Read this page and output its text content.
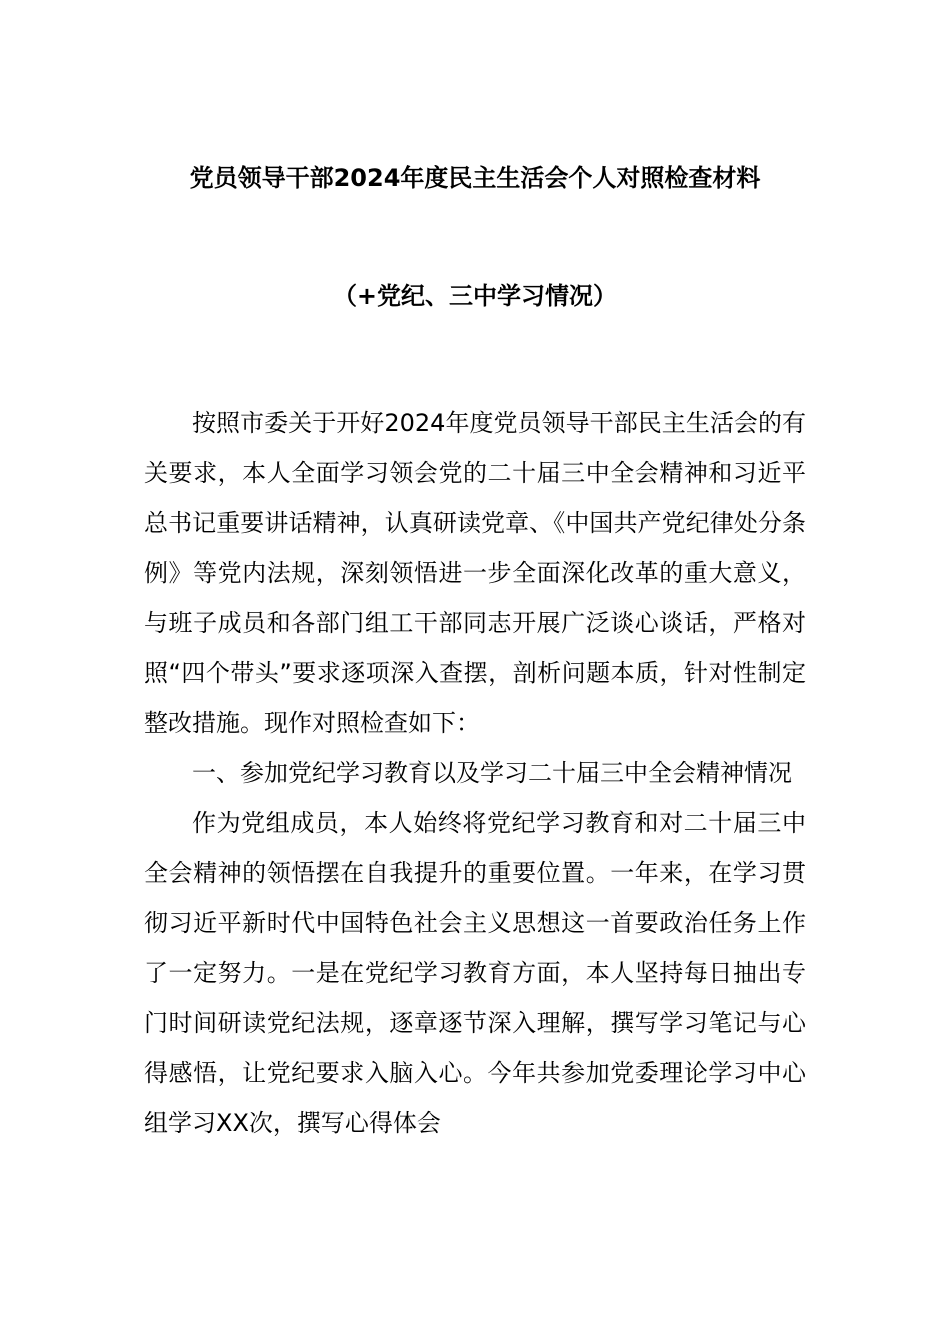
党员领导干部2024年度民主生活会个人对照检查材料
（+党纪、三中学习情况）

按照市委关于开好2024年度党员领导干部民主生活会的有关要求，本人全面学习领会党的二十届三中全会精神和习近平总书记重要讲话精神，认真研读党章、《中国共产党纪律处分条例》等党内法规，深刻领悟进一步全面深化改革的重大意义，与班子成员和各部门组工干部同志开展广泛谈心谈话，严格对照“四个带头”要求逐项深入查摆，剖析问题本质，针对性制定整改措施。现作对照检查如下：

一、参加党纪学习教育以及学习二十届三中全会精神情况

作为党组成员，本人始终将党纪学习教育和对二十届三中全会精神的领悟摆在自我提升的重要位置。一年来，在学习贯彻习近平新时代中国特色社会主义思想这一首要政治任务上作了一定努力。一是在党纪学习教育方面，本人坚持每日抽出专门时间研读党纪法规，逐章逐节深入理解，撰写学习笔记与心得感悟，让党纪要求入脑入心。今年共参加党委理论学习中心组学习XX次，撰写心得体会
